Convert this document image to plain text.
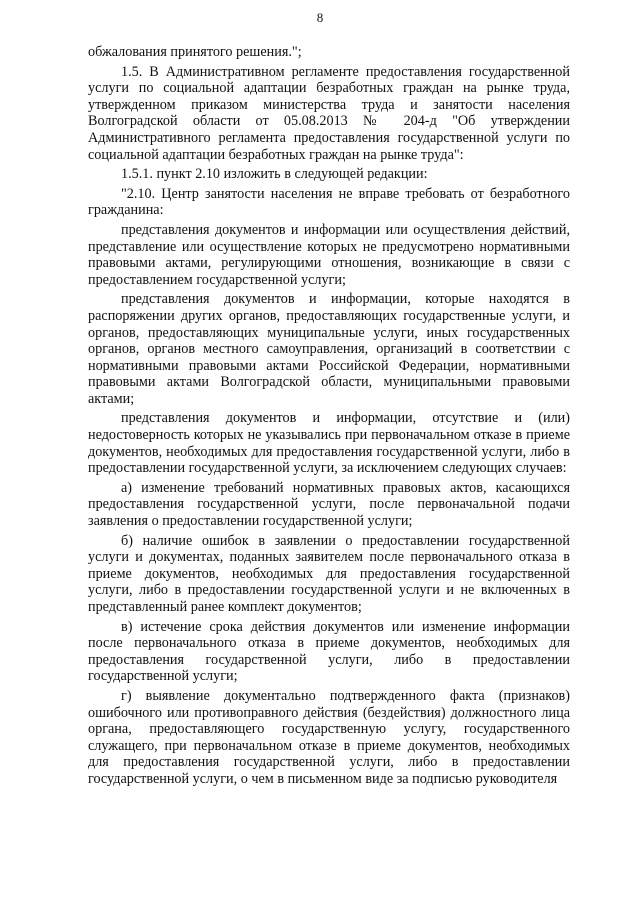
8

обжалования принятого решения.";

1.5. В Административном регламенте предоставления государственной услуги по социальной адаптации безработных граждан на рынке труда, утвержденном приказом министерства труда и занятости населения Волгоградской области от 05.08.2013 № 204-д "Об утверждении Административного регламента предоставления государственной услуги по социальной адаптации безработных граждан на рынке труда":

1.5.1. пункт 2.10 изложить в следующей редакции:

"2.10. Центр занятости населения не вправе требовать от безработного гражданина:

представления документов и информации или осуществления действий, представление или осуществление которых не предусмотрено нормативными правовыми актами, регулирующими отношения, возникающие в связи с предоставлением государственной услуги;

представления документов и информации, которые находятся в распоряжении других органов, предоставляющих государственные услуги, и органов, предоставляющих муниципальные услуги, иных государственных органов, органов местного самоуправления, организаций в соответствии с нормативными правовыми актами Российской Федерации, нормативными правовыми актами Волгоградской области, муниципальными правовыми актами;

представления документов и информации, отсутствие и (или) недостоверность которых не указывались при первоначальном отказе в приеме документов, необходимых для предоставления государственной услуги, либо в предоставлении государственной услуги, за исключением следующих случаев:

а) изменение требований нормативных правовых актов, касающихся предоставления государственной услуги, после первоначальной подачи заявления о предоставлении государственной услуги;

б) наличие ошибок в заявлении о предоставлении государственной услуги и документах, поданных заявителем после первоначального отказа в приеме документов, необходимых для предоставления государственной услуги, либо в предоставлении государственной услуги и не включенных в представленный ранее комплект документов;

в) истечение срока действия документов или изменение информации после первоначального отказа в приеме документов, необходимых для предоставления государственной услуги, либо в предоставлении государственной услуги;

г) выявление документально подтвержденного факта (признаков) ошибочного или противоправного действия (бездействия) должностного лица органа, предоставляющего государственную услугу, государственного служащего, при первоначальном отказе в приеме документов, необходимых для предоставления государственной услуги, либо в предоставлении государственной услуги, о чем в письменном виде за подписью руководителя
